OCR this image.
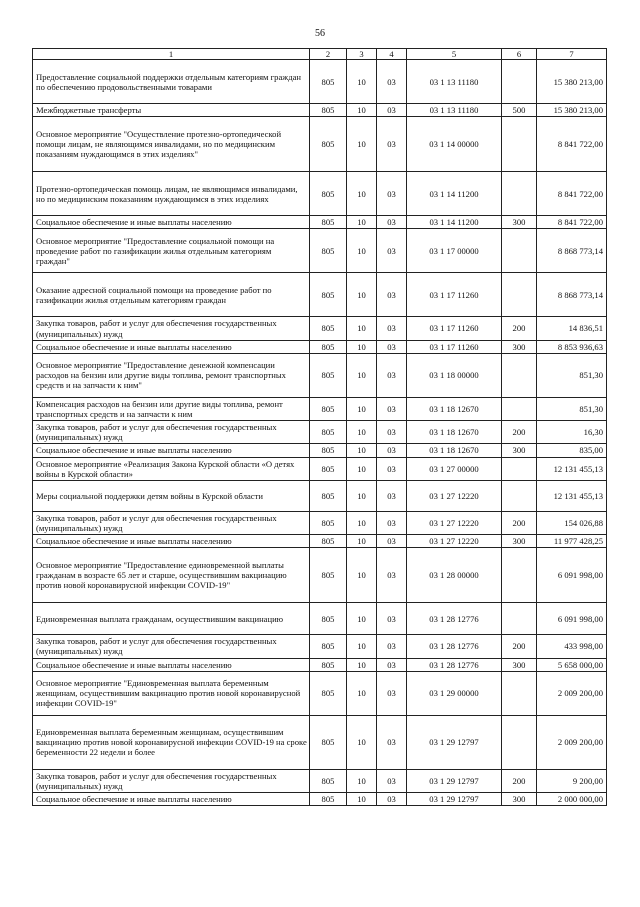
56
1	2	3	4	5	6	7
Предоставление социальной поддержки отдельным категориям граждан по обеспечению продовольственными товарами	805	10	03	03 1 13 11180		15 380 213,00
Межбюджетные трансферты	805	10	03	03 1 13 11180	500	15 380 213,00
Основное мероприятие "Осуществление протезно-ортопедической помощи лицам, не являющимся инвалидами, но по медицинским показаниям нуждающимся в этих изделиях"	805	10	03	03 1 14 00000		8 841 722,00
Протезно-ортопедическая помощь лицам, не являющимся инвалидами, но по медицинским показаниям нуждающимся в этих изделиях	805	10	03	03 1 14 11200		8 841 722,00
Социальное обеспечение и иные выплаты населению	805	10	03	03 1 14 11200	300	8 841 722,00
Основное мероприятие "Предоставление социальной помощи на проведение работ по газификации жилья отдельным категориям граждан"	805	10	03	03 1 17 00000		8 868 773,14
Оказание адресной социальной помощи на проведение работ по газификации жилья отдельным категориям граждан	805	10	03	03 1 17 11260		8 868 773,14
Закупка товаров, работ и услуг для обеспечения государственных (муниципальных) нужд	805	10	03	03 1 17 11260	200	14 836,51
Социальное обеспечение и иные выплаты населению	805	10	03	03 1 17 11260	300	8 853 936,63
Основное мероприятие "Предоставление денежной компенсации расходов на бензин или другие виды топлива, ремонт транспортных средств и на запчасти к ним"	805	10	03	03 1 18 00000		851,30
Компенсация расходов на бензин или другие виды топлива, ремонт транспортных средств и на запчасти к ним	805	10	03	03 1 18 12670		851,30
Закупка товаров, работ и услуг для обеспечения государственных (муниципальных) нужд	805	10	03	03 1 18 12670	200	16,30
Социальное обеспечение и иные выплаты населению	805	10	03	03 1 18 12670	300	835,00
Основное мероприятие «Реализация Закона Курской области «О детях войны в Курской области»	805	10	03	03 1 27 00000		12 131 455,13
Меры социальной поддержки детям войны в Курской области	805	10	03	03 1 27 12220		12 131 455,13
Закупка товаров, работ и услуг для обеспечения государственных (муниципальных) нужд	805	10	03	03 1 27 12220	200	154 026,88
Социальное обеспечение и иные выплаты населению	805	10	03	03 1 27 12220	300	11 977 428,25
Основное мероприятие "Предоставление единовременной выплаты гражданам в возрасте 65 лет и старше, осуществившим вакцинацию против новой коронавирусной инфекции COVID-19"	805	10	03	03 1 28 00000		6 091 998,00
Единовременная выплата гражданам, осуществившим вакцинацию	805	10	03	03 1 28 12776		6 091 998,00
Закупка товаров, работ и услуг для обеспечения государственных (муниципальных) нужд	805	10	03	03 1 28 12776	200	433 998,00
Социальное обеспечение и иные выплаты населению	805	10	03	03 1 28 12776	300	5 658 000,00
Основное мероприятие "Единовременная выплата беременным женщинам, осуществившим вакцинацию против новой коронавирусной инфекции COVID-19"	805	10	03	03 1 29 00000		2 009 200,00
Единовременная выплата беременным женщинам, осуществившим вакцинацию против новой коронавирусной инфекции COVID-19 на сроке беременности 22 недели и более	805	10	03	03 1 29 12797		2 009 200,00
Закупка товаров, работ и услуг для обеспечения государственных (муниципальных) нужд	805	10	03	03 1 29 12797	200	9 200,00
Социальное обеспечение и иные выплаты населению	805	10	03	03 1 29 12797	300	2 000 000,00
